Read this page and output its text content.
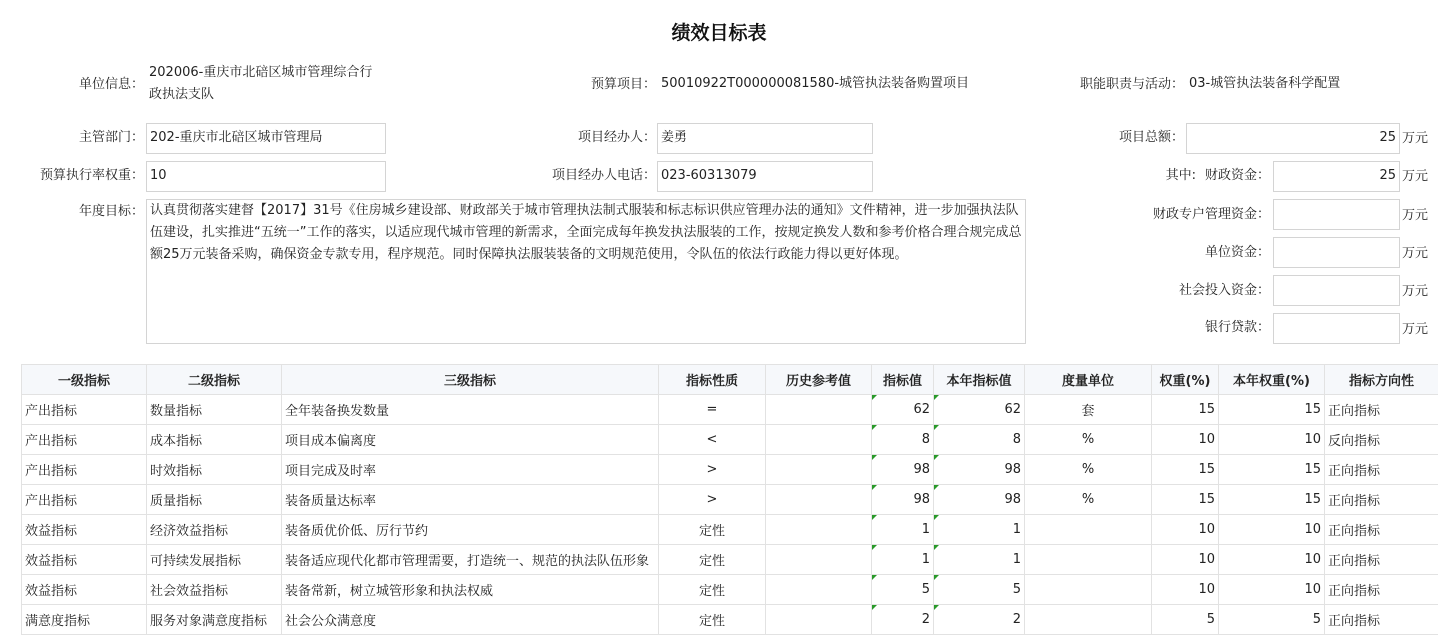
绩效目标表
单位信息：
202006-重庆市北碚区城市管理综合行
政执法支队
预算项目： 50010922T000000081580-城管执法装备购置项目	职能职责与活动： 03-城管执法装备科学配置
主管部门： 202-重庆市北碚区城市管理局	项目经办人： 姜勇	项目总额：	25 万元
预算执行率权重： 10	项目经办人电话： 023-60313079	其中: 财政资金：	25 万元
年度目标： 认真贯彻落实建督【2017】31号《住房城乡建设部、财政部关于城市管理执法制式服装和标志标识供应管理办法的通知》文件精神，进一步加强执法队伍建设，扎实推进“五统一”工作的落实，以适应现代城市管理的新需求，全面完成每年换发执法服装的工作，按规定换发人数和参考价格合理合规完成总额25万元装备采购，确保资金专款专用，程序规范。同时保障执法服装装备的文明规范使用，令队伍的依法行政能力得以更好体现。
财政专户管理资金：	万元
单位资金：	万元
社会投入资金：	万元
银行贷款：	万元
一级指标	二级指标	三级指标	指标性质	历史参考值	指标值	本年指标值	度量单位	权重(%)	本年权重(%)	指标方向性
产出指标	数量指标	全年装备换发数量	=		62	62	套	15	15	正向指标
产出指标	成本指标	项目成本偏离度	<		8	8	%	10	10	反向指标
产出指标	时效指标	项目完成及时率	>		98	98	%	15	15	正向指标
产出指标	质量指标	装备质量达标率	>		98	98	%	15	15	正向指标
效益指标	经济效益指标	装备质优价低、厉行节约	定性		1	1		10	10	正向指标
效益指标	可持续发展指标	装备适应现代化都市管理需要，打造统一、规范的执法队伍形象	定性		1	1		10	10	正向指标
效益指标	社会效益指标	装备常新，树立城管形象和执法权威	定性		5	5		10	10	正向指标
满意度指标	服务对象满意度指标	社会公众满意度	定性		2	2		5	5	正向指标
